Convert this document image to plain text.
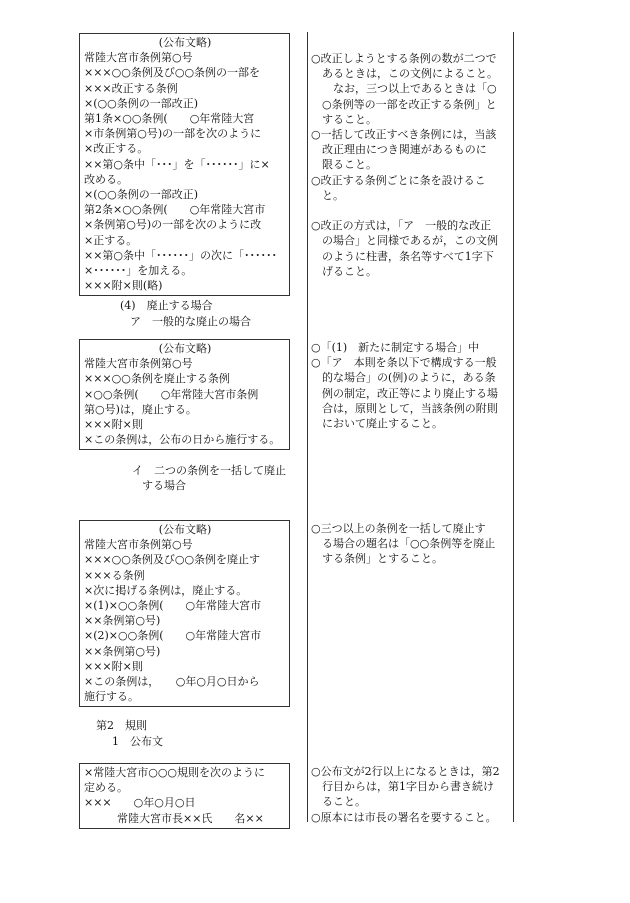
(公布文略)
常陸大宮市条例第○号
×××○○条例及び○○条例の一部を
×××改正する条例
×(○○条例の一部改正)
第1条×○○条例(　　○年常陸大宮
×市条例第○号)の一部を次のように
×改正する。
××第○条中「･･･」を「･･････」に×
改める。
×(○○条例の一部改正)
第2条×○○条例(　　○年常陸大宮市
×条例第○号)の一部を次のように改
×正する。
××第○条中「･･････」の次に「･･････
×･･････」を加える。
×××附×則(略)
○改正しようとする条例の数が二つで
　あるときは，この文例によること。
　　なお，三つ以上であるときは「○
　○条例等の一部を改正する条例」と
　すること。
○一括して改正すべき条例には，当該
　改正理由につき関連があるものに
　限ること。
○改正する条例ごとに条を設けるこ
　と。

○改正の方式は，「ア　一般的な改正
　の場合」と同様であるが，この文例
　のように柱書，条名等すべて1字下
　げること。
(4)　廃止する場合
ア　一般的な廃止の場合
(公布文略)
常陸大宮市条例第○号
×××○○条例を廃止する条例
×○○条例(　　○年常陸大宮市条例
第○号)は，廃止する。
×××附×則
×この条例は，公布の日から施行する。
○「(1)　新たに制定する場合」中
○「ア　本則を条以下で構成する一般
　的な場合」の(例)のように，ある条
　例の制定，改正等により廃止する場
　合は，原則として，当該条例の附則
　において廃止すること。
イ　二つの条例を一括して廃止
する場合
(公布文略)
常陸大宮市条例第○号
×××○○条例及び○○条例を廃止す
×××る条例
×次に掲げる条例は，廃止する。
×(1)×○○条例(　　○年常陸大宮市
××条例第○号)
×(2)×○○条例(　　○年常陸大宮市
××条例第○号)
×××附×則
×この条例は，　　○年○月○日から
施行する。
○三つ以上の条例を一括して廃止す
　る場合の題名は「○○条例等を廃止
　する条例」とすること。
第2　規則
1　公布文
×常陸大宮市○○○規則を次のように
定める。
×××　　○年○月○日
　　　常陸大宮市長××氏　　名××
○公布文が2行以上になるときは，第2
　行目からは，第1字目から書き続け
　ること。
○原本には市長の署名を要すること。
